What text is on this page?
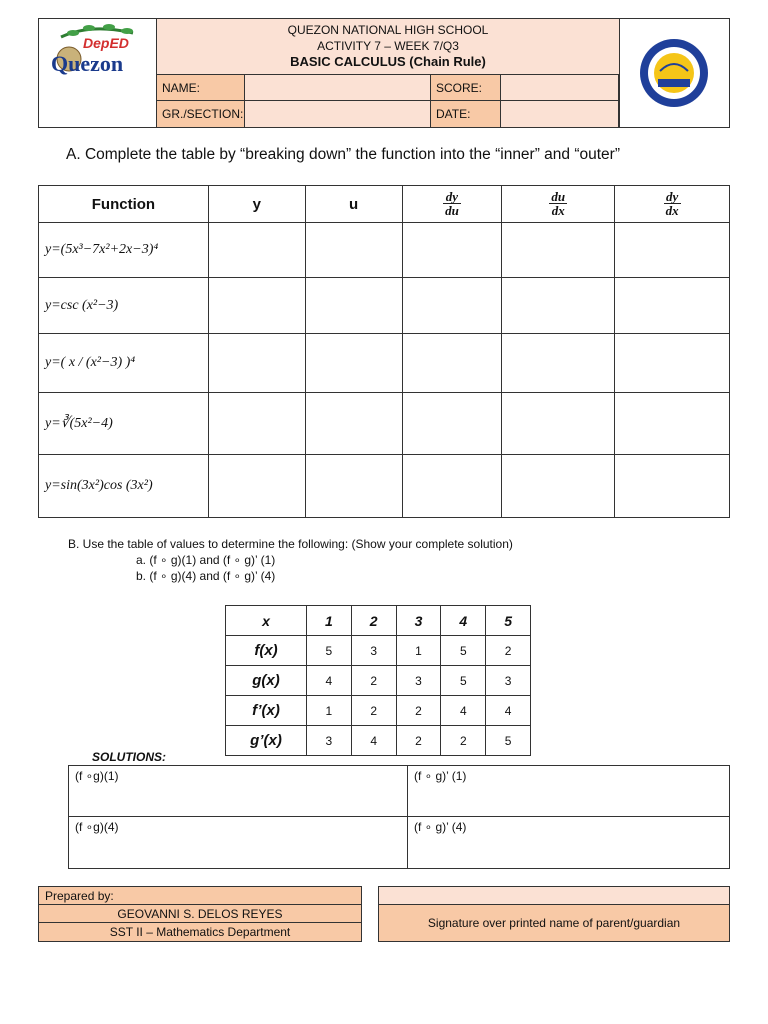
DepED
Quezon
QUEZON NATIONAL HIGH SCHOOL
ACTIVITY 7 – WEEK 7/Q3
BASIC CALCULUS (Chain Rule)
NAME:	SCORE:
GR./SECTION:	DATE:
A. Complete the table by “breaking down” the function into the “inner” and “outer”
Function	y	u	$\frac{dy}{du}$	$\frac{du}{dx}$	$\frac{dy}{dx}$

y=(5x³−7x²+2x−3)⁴					
y=csc (x²−3)					
y=( x / (x²−3) )⁴					
y=∛(5x²−4)					
y=sin(3x²)cos (3x²)					
B. Use the table of values to determine the following: (Show your complete solution)
a. (f ∘ g)(1) and (f ∘ g)’ (1)
b. (f ∘ g)(4) and (f ∘ g)’ (4)
x	1	2	3	4	5
f(x)	5	3	1	5	2
g(x)	4	2	3	5	3
f’(x)	1	2	2	4	4
g’(x)	3	4	2	2	5
SOLUTIONS:
(f ∘g)(1)	(f ∘ g)’ (1)
(f ∘g)(4)	(f ∘ g)’ (4)
Prepared by:
GEOVANNI S. DELOS REYES
SST II – Mathematics Department
Signature over printed name of parent/guardian
